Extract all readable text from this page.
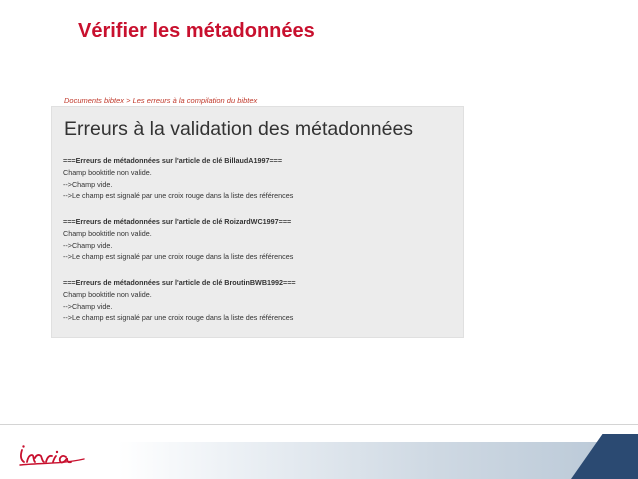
Vérifier les métadonnées
Documents bibtex > Les erreurs à la compilation du bibtex
Erreurs à la validation des métadonnées
===Erreurs de métadonnées sur l'article de clé BillaudA1997===
Champ booktitle non valide.
-->Champ vide.
-->Le champ est signalé par une croix rouge dans la liste des références
===Erreurs de métadonnées sur l'article de clé RoizardWC1997===
Champ booktitle non valide.
-->Champ vide.
-->Le champ est signalé par une croix rouge dans la liste des références
===Erreurs de métadonnées sur l'article de clé BroutinBWB1992===
Champ booktitle non valide.
-->Champ vide.
-->Le champ est signalé par une croix rouge dans la liste des références
